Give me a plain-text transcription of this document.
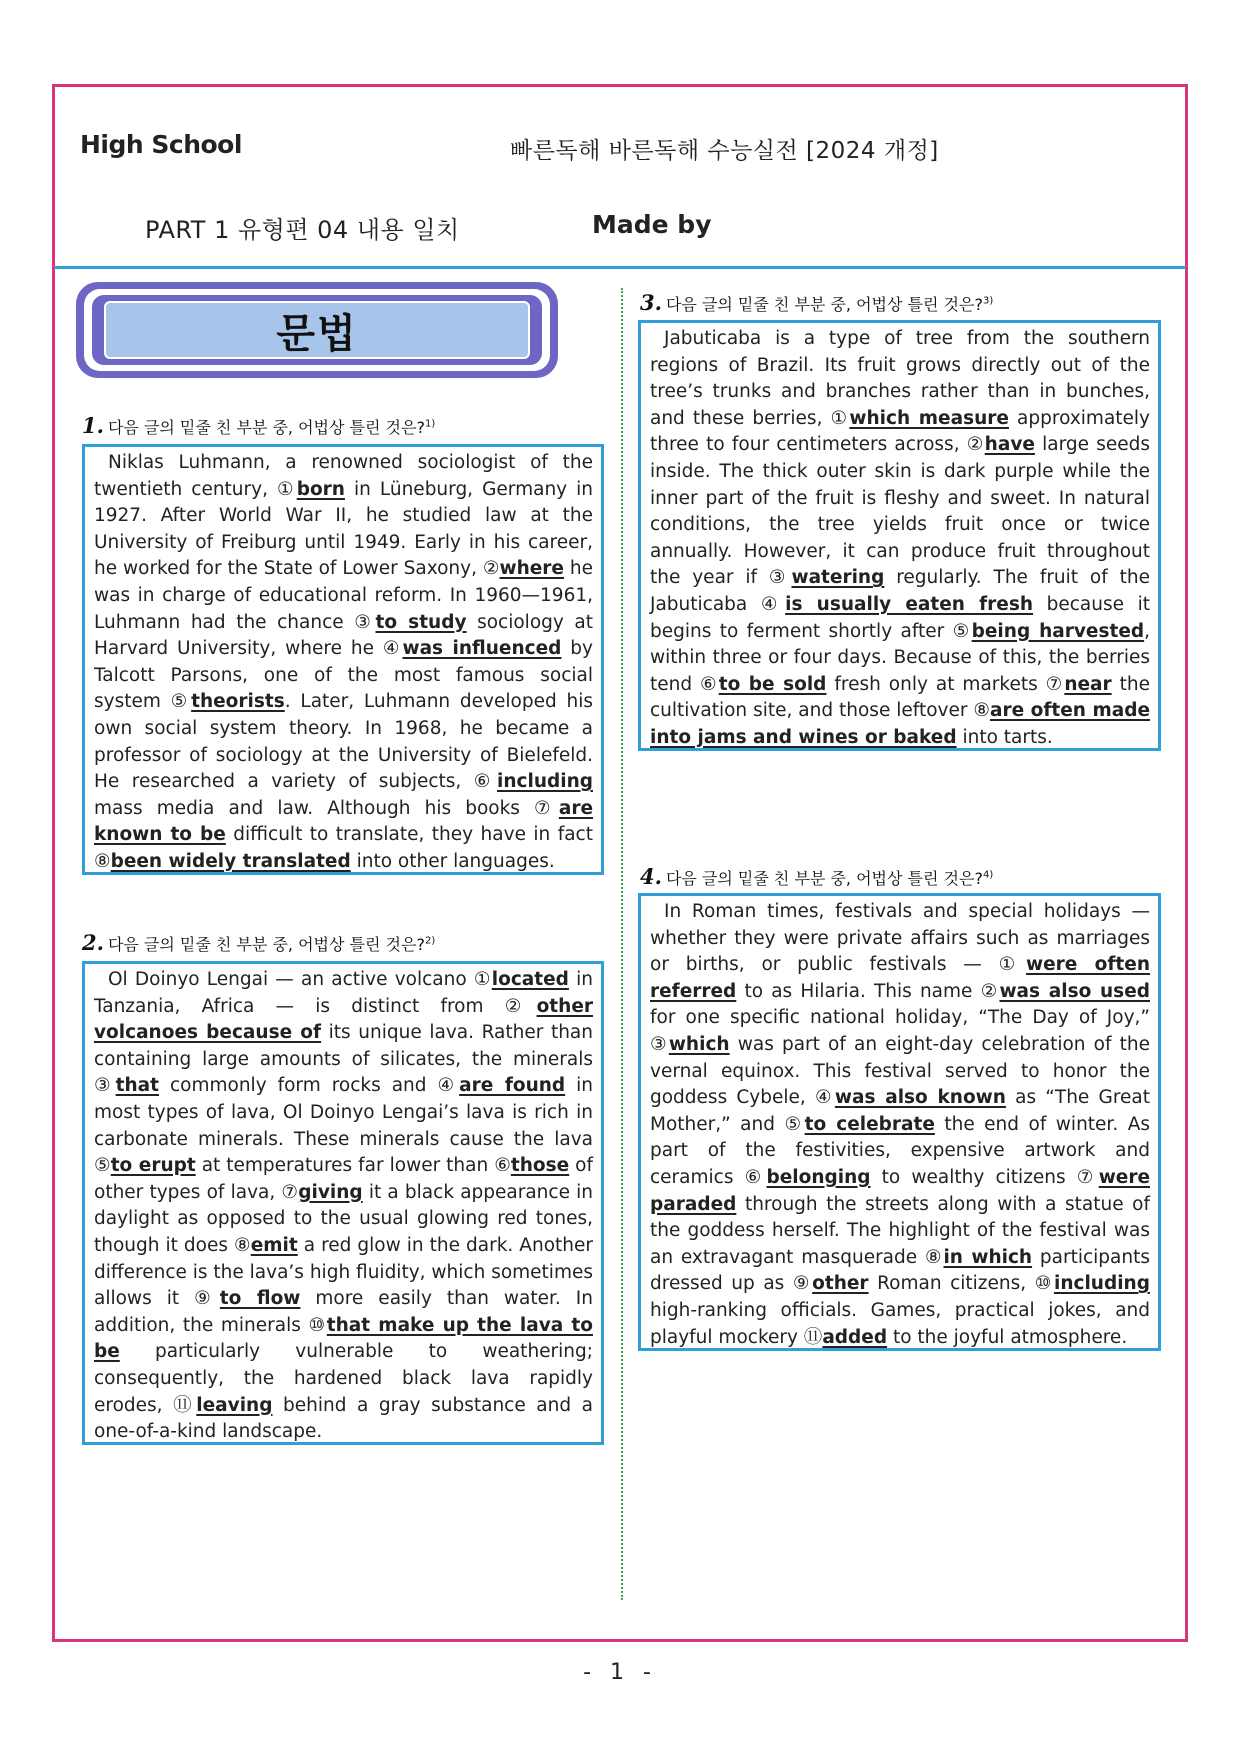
High School	빠른독해 바른독해 수능실전 [2024 개정]
PART 1 유형편 04 내용 일치	Made by
문법
1. 다음 글의 밑줄 친 부분 중, 어법상 틀린 것은?$^{1)}$

Niklas Luhmann, a renowned sociologist of the twentieth century, ①born in Lüneburg, Germany in 1927. After World War II, he studied law at the University of Freiburg until 1949. Early in his career, he worked for the State of Lower Saxony, ②where he was in charge of educational reform. In 1960—1961, Luhmann had the chance ③to study sociology at Harvard University, where he ④was influenced by Talcott Parsons, one of the most famous social system ⑤theorists. Later, Luhmann developed his own social system theory. In 1968, he became a professor of sociology at the University of Bielefeld. He researched a variety of subjects, ⑥including mass media and law. Although his books ⑦are known to be difficult to translate, they have in fact ⑧been widely translated into other languages.

2. 다음 글의 밑줄 친 부분 중, 어법상 틀린 것은?$^{2)}$

Ol Doinyo Lengai — an active volcano ①located in Tanzania, Africa — is distinct from ②other volcanoes because of its unique lava. Rather than containing large amounts of silicates, the minerals ③that commonly form rocks and ④are found in most types of lava, Ol Doinyo Lengai’s lava is rich in carbonate minerals. These minerals cause the lava ⑤to erupt at temperatures far lower than ⑥those of other types of lava, ⑦giving it a black appearance in daylight as opposed to the usual glowing red tones, though it does ⑧emit a red glow in the dark. Another difference is the lava’s high fluidity, which sometimes allows it ⑨to flow more easily than water. In addition, the minerals ⑩that make up the lava to be particularly vulnerable to weathering; consequently, the hardened black lava rapidly erodes, ⑪leaving behind a gray substance and a one-of-a-kind landscape.

3. 다음 글의 밑줄 친 부분 중, 어법상 틀린 것은?$^{3)}$

Jabuticaba is a type of tree from the southern regions of Brazil. Its fruit grows directly out of the tree’s trunks and branches rather than in bunches, and these berries, ①which measure approximately three to four centimeters across, ②have large seeds inside. The thick outer skin is dark purple while the inner part of the fruit is fleshy and sweet. In natural conditions, the tree yields fruit once or twice annually. However, it can produce fruit throughout the year if ③watering regularly. The fruit of the Jabuticaba ④is usually eaten fresh because it begins to ferment shortly after ⑤being harvested, within three or four days. Because of this, the berries tend ⑥to be sold fresh only at markets ⑦near the cultivation site, and those leftover ⑧are often made into jams and wines or baked into tarts.

4. 다음 글의 밑줄 친 부분 중, 어법상 틀린 것은?$^{4)}$

In Roman times, festivals and special holidays — whether they were private affairs such as marriages or births, or public festivals — ①were often referred to as Hilaria. This name ②was also used for one specific national holiday, “The Day of Joy,” ③which was part of an eight-day celebration of the vernal equinox. This festival served to honor the goddess Cybele, ④was also known as “The Great Mother,” and ⑤to celebrate the end of winter. As part of the festivities, expensive artwork and ceramics ⑥belonging to wealthy citizens ⑦were paraded through the streets along with a statue of the goddess herself. The highlight of the festival was an extravagant masquerade ⑧in which participants dressed up as ⑨other Roman citizens, ⑩including high-ranking officials. Games, practical jokes, and playful mockery ⑪added to the joyful atmosphere.

- 1 -
